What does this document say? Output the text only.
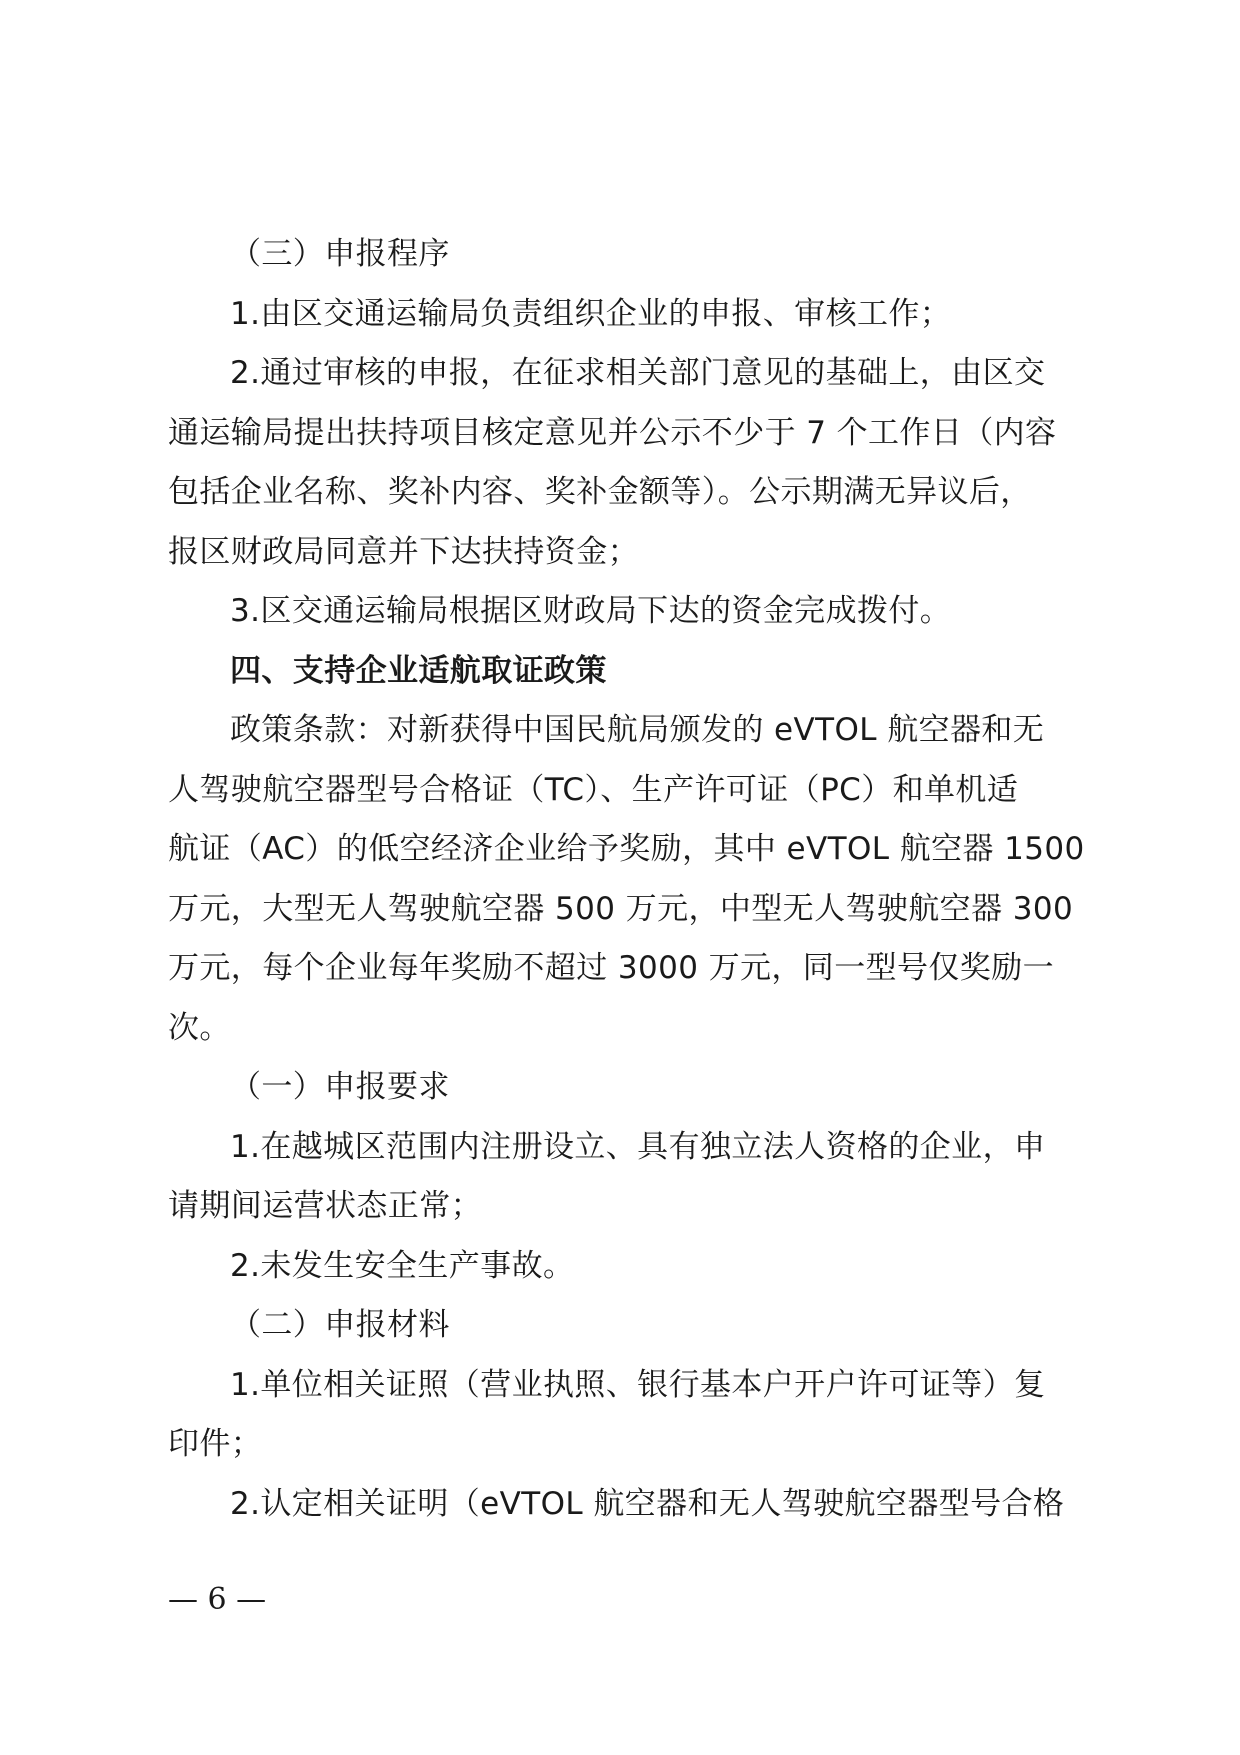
（三）申报程序
1.由区交通运输局负责组织企业的申报、审核工作；
2.通过审核的申报，在征求相关部门意见的基础上，由区交
通运输局提出扶持项目核定意见并公示不少于 7 个工作日（内容
包括企业名称、奖补内容、奖补金额等）。公示期满无异议后，
报区财政局同意并下达扶持资金；
3.区交通运输局根据区财政局下达的资金完成拨付。
四、支持企业适航取证政策
政策条款：对新获得中国民航局颁发的 eVTOL 航空器和无
人驾驶航空器型号合格证（TC）、生产许可证（PC）和单机适
航证（AC）的低空经济企业给予奖励，其中 eVTOL 航空器 1500
万元，大型无人驾驶航空器 500 万元，中型无人驾驶航空器 300
万元，每个企业每年奖励不超过 3000 万元，同一型号仅奖励一
次。
（一）申报要求
1.在越城区范围内注册设立、具有独立法人资格的企业，申
请期间运营状态正常；
2.未发生安全生产事故。
（二）申报材料
1.单位相关证照（营业执照、银行基本户开户许可证等）复
印件；
2.认定相关证明（eVTOL 航空器和无人驾驶航空器型号合格
— 6 —
